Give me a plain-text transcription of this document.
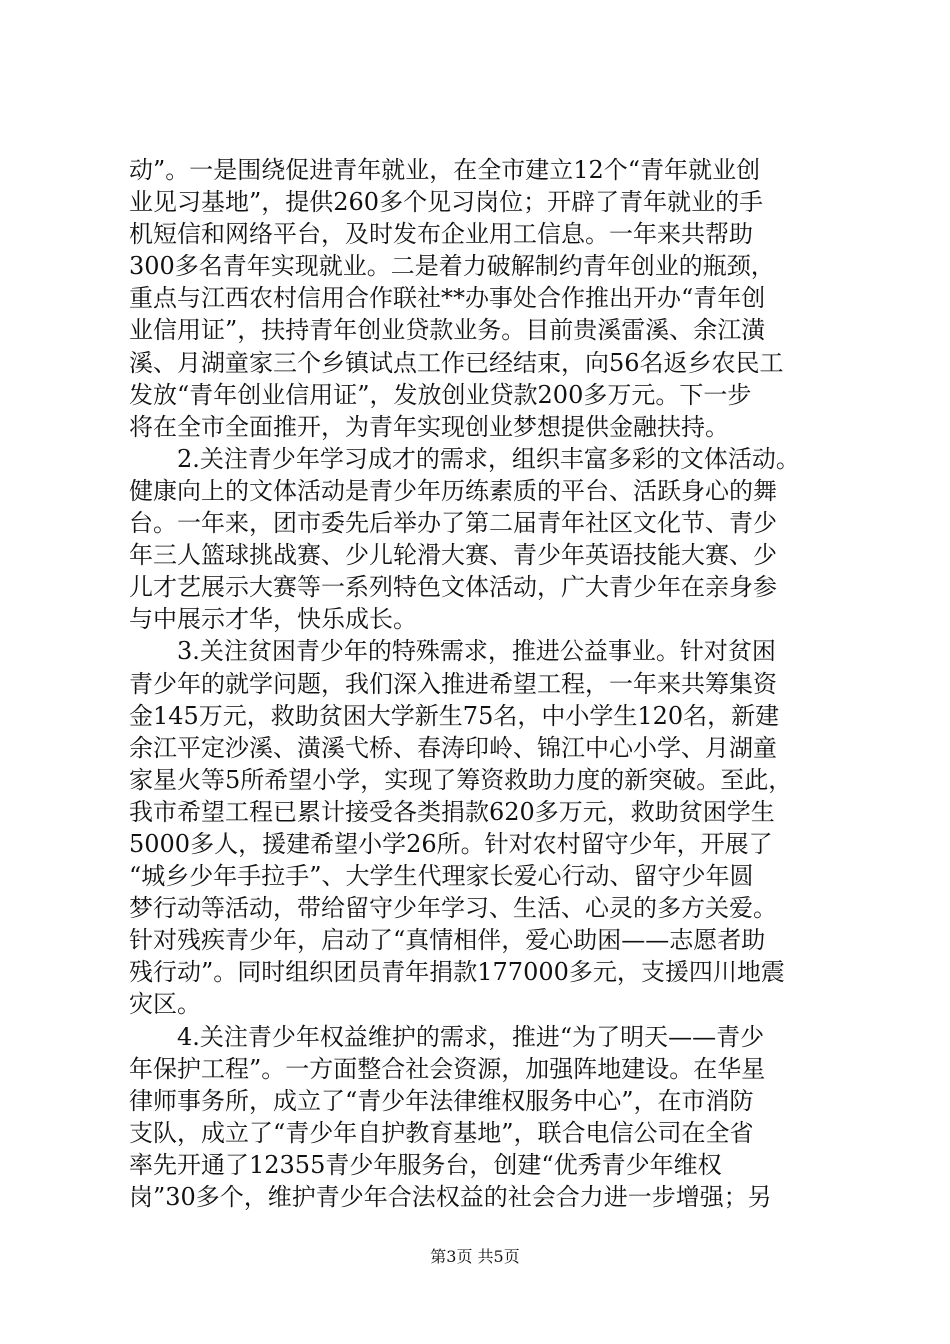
动”。一是围绕促进青年就业，在全市建立12个“青年就业创
业见习基地”，提供260多个见习岗位；开辟了青年就业的手
机短信和网络平台，及时发布企业用工信息。一年来共帮助
300多名青年实现就业。二是着力破解制约青年创业的瓶颈，
重点与江西农村信用合作联社**办事处合作推出开办“青年创
业信用证”，扶持青年创业贷款业务。目前贵溪雷溪、余江潢
溪、月湖童家三个乡镇试点工作已经结束，向56名返乡农民工
发放“青年创业信用证”，发放创业贷款200多万元。下一步
将在全市全面推开，为青年实现创业梦想提供金融扶持。
　　2.关注青少年学习成才的需求，组织丰富多彩的文体活动。
健康向上的文体活动是青少年历练素质的平台、活跃身心的舞
台。一年来，团市委先后举办了第二届青年社区文化节、青少
年三人篮球挑战赛、少儿轮滑大赛、青少年英语技能大赛、少
儿才艺展示大赛等一系列特色文体活动，广大青少年在亲身参
与中展示才华，快乐成长。
　　3.关注贫困青少年的特殊需求，推进公益事业。针对贫困
青少年的就学问题，我们深入推进希望工程，一年来共筹集资
金145万元，救助贫困大学新生75名，中小学生120名，新建
余江平定沙溪、潢溪弋桥、春涛印岭、锦江中心小学、月湖童
家星火等5所希望小学，实现了筹资救助力度的新突破。至此，
我市希望工程已累计接受各类捐款620多万元，救助贫困学生
5000多人，援建希望小学26所。针对农村留守少年，开展了
“城乡少年手拉手”、大学生代理家长爱心行动、留守少年圆
梦行动等活动，带给留守少年学习、生活、心灵的多方关爱。
针对残疾青少年，启动了“真情相伴，爱心助困——志愿者助
残行动”。同时组织团员青年捐款177000多元，支援四川地震
灾区。
　　4.关注青少年权益维护的需求，推进“为了明天——青少
年保护工程”。一方面整合社会资源，加强阵地建设。在华星
律师事务所，成立了“青少年法律维权服务中心”，在市消防
支队，成立了“青少年自护教育基地”，联合电信公司在全省
率先开通了12355青少年服务台，创建“优秀青少年维权
岗”30多个，维护青少年合法权益的社会合力进一步增强；另
第3页 共5页
